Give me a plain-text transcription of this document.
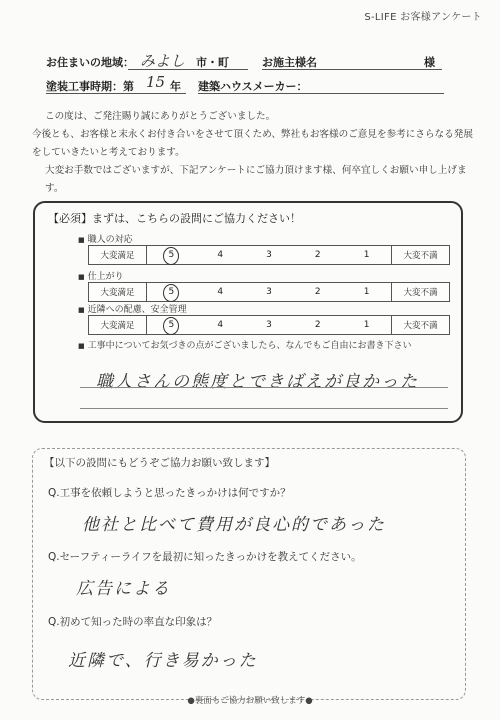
S-LIFE お客様アンケート
お住まいの地域： みよし 市・町	お施主様名	様
塗装工事時期：第 15 年 建築ハウスメーカー：

この度は、ご発注賜り誠にありがとうございました。

今後とも、お客様と末永くお付き合いをさせて頂くため、弊社もお客様のご意見を参考にさらなる発展

をしていきたいと考えております。

大変お手数ではございますが、下記アンケートにご協力頂けます様、何卒宜しくお願い申し上げます。

【必須】まずは、こちらの設問にご協力ください！
■ 職人の対応
大変満足	5	4	3	2	1	大変不満
■ 仕上がり
大変満足	5	4	3	2	1	大変不満
■ 近隣への配慮、安全管理
大変満足	5	4	3	2	1	大変不満
■ 工事中についてお気づきの点がございましたら、なんでもご自由にお書き下さい
職人さんの態度とできばえが良かった
【以下の設問にもどうぞご協力お願い致します】
Q.工事を依頼しようと思ったきっかけは何ですか？
他社と比べて費用が良心的であった
Q.セーフティーライフを最初に知ったきっかけを教えてください。
広告による
Q.初めて知った時の率直な印象は？
近隣で、行き易かった
●裏面もご協力お願い致します●
